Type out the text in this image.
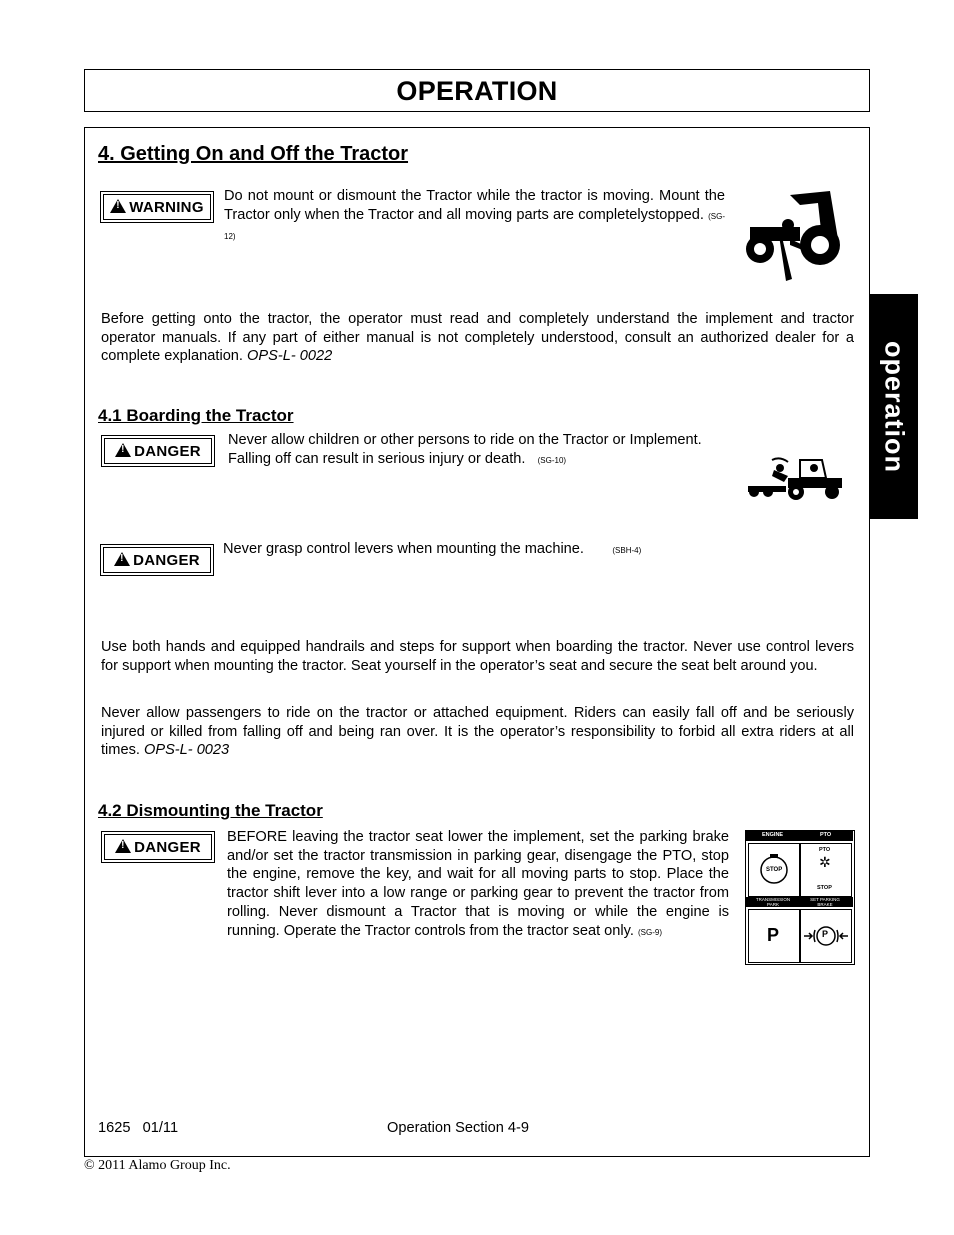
OPERATION
operation
4. Getting On and Off the Tractor
!
WARNING
Do not mount or dismount the Tractor while the tractor is moving. Mount the Tractor only when the Tractor and all moving parts are completelystopped. (SG-12)
Before getting onto the tractor, the operator must read and completely understand the implement and tractor operator manuals. If any part of either manual is not completely understood, consult an authorized dealer for a complete explanation. OPS-L- 0022
4.1 Boarding the Tractor
!
DANGER
Never allow children or other persons to ride on the Tractor or Implement.
Falling off can result in serious injury or death. (SG-10)
!
DANGER
Never grasp control levers when mounting the machine.	(SBH-4)
Use both hands and equipped handrails and steps for support when boarding the tractor. Never use control levers for support when mounting the tractor. Seat yourself in the operator’s seat and secure the seat belt around you.
Never allow passengers to ride on the tractor or attached equipment. Riders can easily fall off and be seriously injured or killed from falling off and being ran over. It is the operator’s responsibility to forbid all extra riders at all times. OPS-L- 0023
4.2 Dismounting the Tractor
!
DANGER
BEFORE leaving the tractor seat lower the implement, set the parking brake and/or set the tractor transmission in parking gear, disengage the PTO, stop the engine, remove the key, and wait for all moving parts to stop. Place the tractor shift lever into a low range or parking gear to prevent the tractor from rolling. Never dismount a Tractor that is moving or while the engine is running. Operate the Tractor controls from the tractor seat only. (SG-9)
ENGINE	PTO
STOP
PTO
✲
STOP
TRANSMISSION PARK
SET PARKING BRAKE
P	P
1625 01/11	Operation Section 4-9
© 2011 Alamo Group Inc.
